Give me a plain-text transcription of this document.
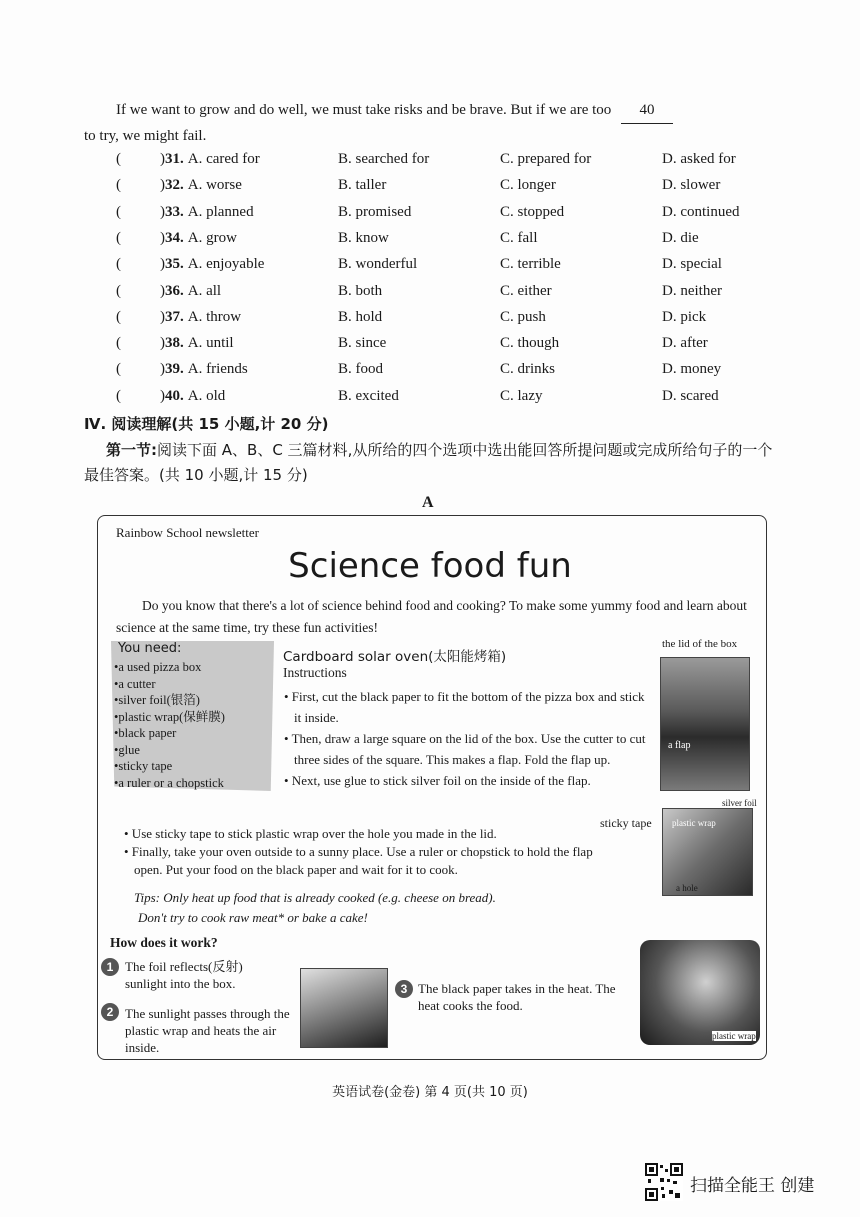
If we want to grow and do well, we must take risks and be brave. But if we are too 40
to try, we might fail.
(	)31. A. cared for	B. searched for	C. prepared for	D. asked for
(	)32. A. worse	B. taller	C. longer	D. slower
(	)33. A. planned	B. promised	C. stopped	D. continued
(	)34. A. grow	B. know	C. fall	D. die
(	)35. A. enjoyable	B. wonderful	C. terrible	D. special
(	)36. A. all	B. both	C. either	D. neither
(	)37. A. throw	B. hold	C. push	D. pick
(	)38. A. until	B. since	C. though	D. after
(	)39. A. friends	B. food	C. drinks	D. money
(	)40. A. old	B. excited	C. lazy	D. scared
Ⅳ. 阅读理解(共 15 小题,计 20 分)
第一节:阅读下面 A、B、C 三篇材料,从所给的四个选项中选出能回答所提问题或完成所给句子的一个最佳答案。(共 10 小题,计 15 分)
A
Rainbow School newsletter
Science food fun
Do you know that there's a lot of science behind food and cooking? To make some yummy food and learn about science at the same time, try these fun activities!
You need:
•a used pizza box
•a cutter
•silver foil(银箔)
•plastic wrap(保鲜膜)
•black paper
•glue
•sticky tape
•a ruler or a chopstick
Cardboard solar oven(太阳能烤箱)
Instructions
• First, cut the black paper to fit the bottom of the pizza box and stick it inside.
• Then, draw a large square on the lid of the box. Use the cutter to cut three sides of the square. This makes a flap. Fold the flap up.
• Next, use glue to stick silver foil on the inside of the flap.
• Use sticky tape to stick plastic wrap over the hole you made in the lid.
• Finally, take your oven outside to a sunny place. Use a ruler or chopstick to hold the flap open. Put your food on the black paper and wait for it to cook.
Tips: Only heat up food that is already cooked (e.g. cheese on bread).
Don't try to cook raw meat* or bake a cake!
the lid of the box
a flap
silver foil
sticky tape plastic wrap
a hole
How does it work?
1 The foil reflects(反射) sunlight into the box.
2 The sunlight passes through the plastic wrap and heats the air inside.
3 The black paper takes in the heat. The heat cooks the food.
plastic wrap
英语试卷(金卷) 第 4 页(共 10 页)
扫描全能王 创建
